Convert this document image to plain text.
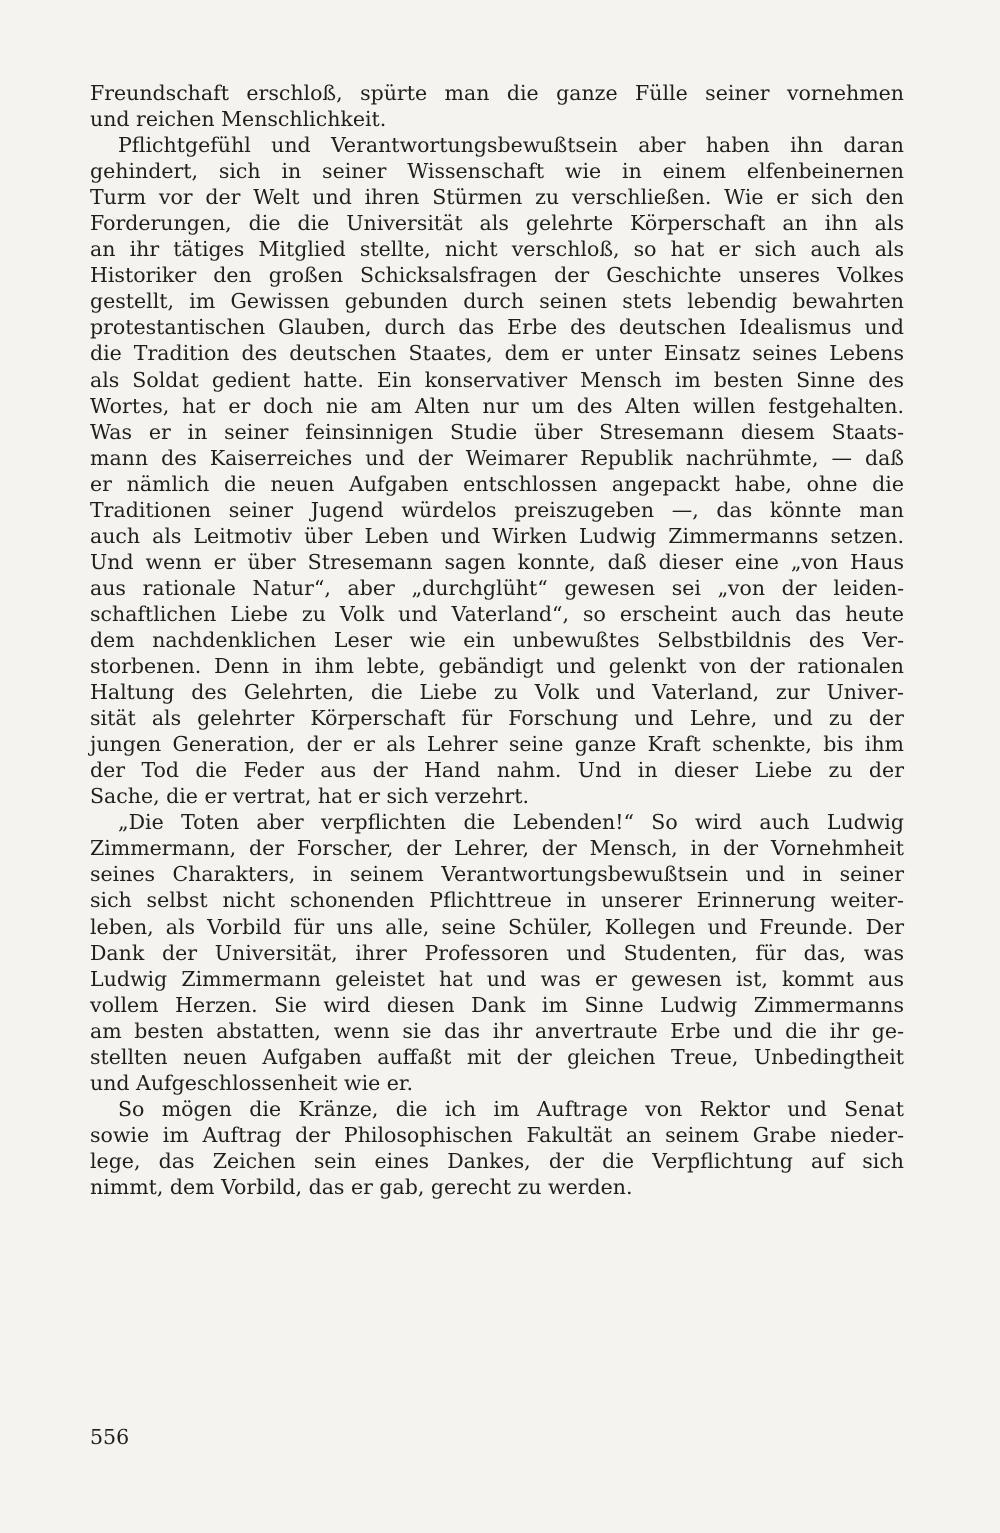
Freundschaft erschloß, spürte man die ganze Fülle seiner vornehmen
und reichen Menschlichkeit.

Pflichtgefühl und Verantwortungsbewußtsein aber haben ihn daran
gehindert, sich in seiner Wissenschaft wie in einem elfenbeinernen
Turm vor der Welt und ihren Stürmen zu verschließen. Wie er sich den
Forderungen, die die Universität als gelehrte Körperschaft an ihn als
an ihr tätiges Mitglied stellte, nicht verschloß, so hat er sich auch als
Historiker den großen Schicksalsfragen der Geschichte unseres Volkes
gestellt, im Gewissen gebunden durch seinen stets lebendig bewahrten
protestantischen Glauben, durch das Erbe des deutschen Idealismus und
die Tradition des deutschen Staates, dem er unter Einsatz seines Lebens
als Soldat gedient hatte. Ein konservativer Mensch im besten Sinne des
Wortes, hat er doch nie am Alten nur um des Alten willen festgehalten.
Was er in seiner feinsinnigen Studie über Stresemann diesem Staats-
mann des Kaiserreiches und der Weimarer Republik nachrühmte, — daß
er nämlich die neuen Aufgaben entschlossen angepackt habe, ohne die
Traditionen seiner Jugend würdelos preiszugeben —, das könnte man
auch als Leitmotiv über Leben und Wirken Ludwig Zimmermanns setzen.
Und wenn er über Stresemann sagen konnte, daß dieser eine „von Haus
aus rationale Natur“, aber „durchglüht“ gewesen sei „von der leiden-
schaftlichen Liebe zu Volk und Vaterland“, so erscheint auch das heute
dem nachdenklichen Leser wie ein unbewußtes Selbstbildnis des Ver-
storbenen. Denn in ihm lebte, gebändigt und gelenkt von der rationalen
Haltung des Gelehrten, die Liebe zu Volk und Vaterland, zur Univer-
sität als gelehrter Körperschaft für Forschung und Lehre, und zu der
jungen Generation, der er als Lehrer seine ganze Kraft schenkte, bis ihm
der Tod die Feder aus der Hand nahm. Und in dieser Liebe zu der
Sache, die er vertrat, hat er sich verzehrt.

„Die Toten aber verpflichten die Lebenden!“ So wird auch Ludwig
Zimmermann, der Forscher, der Lehrer, der Mensch, in der Vornehmheit
seines Charakters, in seinem Verantwortungsbewußtsein und in seiner
sich selbst nicht schonenden Pflichttreue in unserer Erinnerung weiter-
leben, als Vorbild für uns alle, seine Schüler, Kollegen und Freunde. Der
Dank der Universität, ihrer Professoren und Studenten, für das, was
Ludwig Zimmermann geleistet hat und was er gewesen ist, kommt aus
vollem Herzen. Sie wird diesen Dank im Sinne Ludwig Zimmermanns
am besten abstatten, wenn sie das ihr anvertraute Erbe und die ihr ge-
stellten neuen Aufgaben auffaßt mit der gleichen Treue, Unbedingtheit
und Aufgeschlossenheit wie er.

So mögen die Kränze, die ich im Auftrage von Rektor und Senat
sowie im Auftrag der Philosophischen Fakultät an seinem Grabe nieder-
lege, das Zeichen sein eines Dankes, der die Verpflichtung auf sich
nimmt, dem Vorbild, das er gab, gerecht zu werden.

556
